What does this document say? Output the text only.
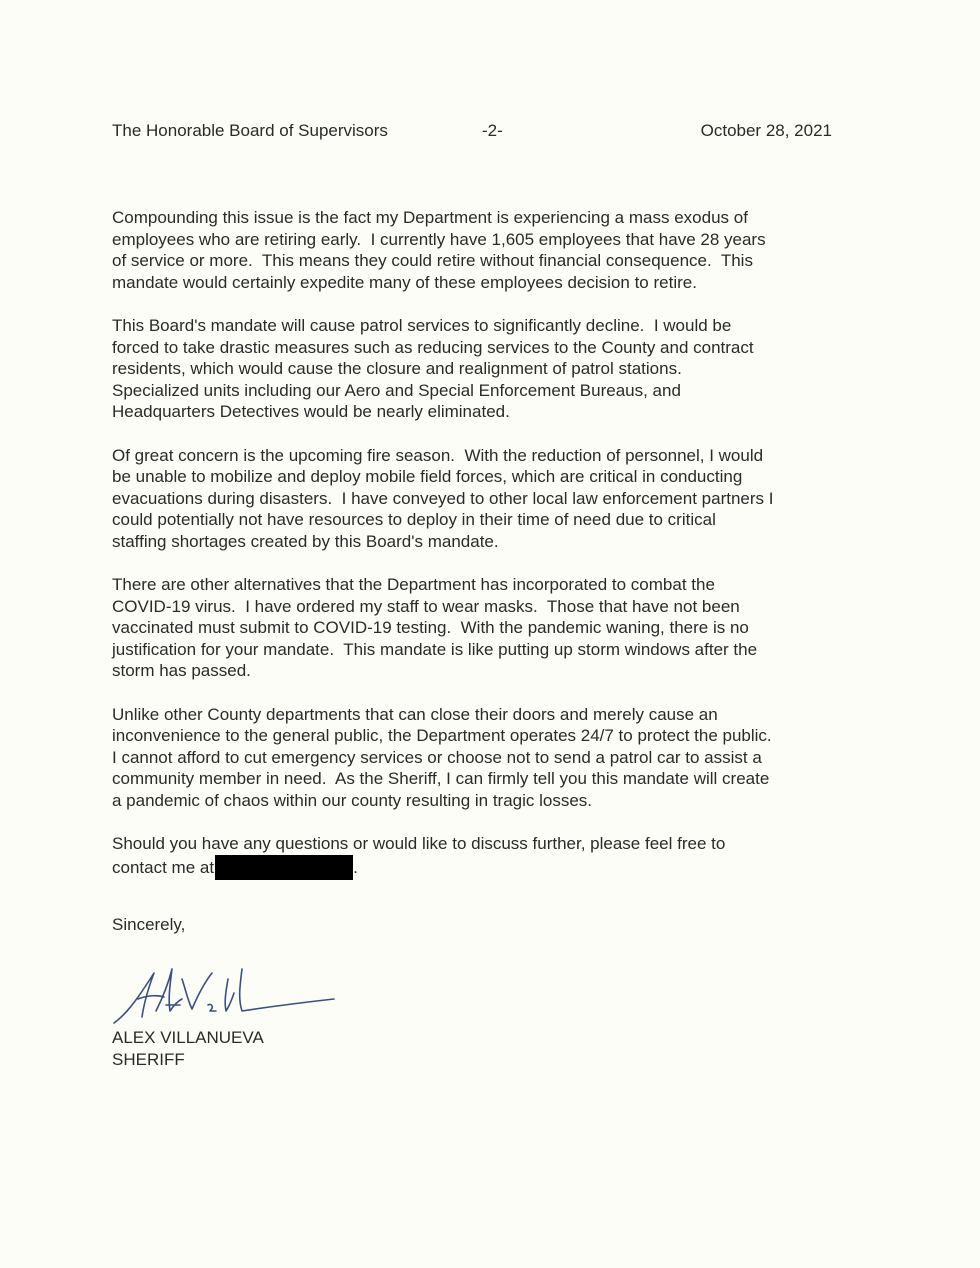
The Honorable Board of Supervisors	-2-	October 28, 2021

Compounding this issue is the fact my Department is experiencing a mass exodus of
employees who are retiring early.  I currently have 1,605 employees that have 28 years
of service or more.  This means they could retire without financial consequence.  This
mandate would certainly expedite many of these employees decision to retire.

This Board's mandate will cause patrol services to significantly decline.  I would be
forced to take drastic measures such as reducing services to the County and contract
residents, which would cause the closure and realignment of patrol stations.
Specialized units including our Aero and Special Enforcement Bureaus, and
Headquarters Detectives would be nearly eliminated.

Of great concern is the upcoming fire season.  With the reduction of personnel, I would
be unable to mobilize and deploy mobile field forces, which are critical in conducting
evacuations during disasters.  I have conveyed to other local law enforcement partners I
could potentially not have resources to deploy in their time of need due to critical
staffing shortages created by this Board's mandate.

There are other alternatives that the Department has incorporated to combat the
COVID-19 virus.  I have ordered my staff to wear masks.  Those that have not been
vaccinated must submit to COVID-19 testing.  With the pandemic waning, there is no
justification for your mandate.  This mandate is like putting up storm windows after the
storm has passed.

Unlike other County departments that can close their doors and merely cause an
inconvenience to the general public, the Department operates 24/7 to protect the public.
I cannot afford to cut emergency services or choose not to send a patrol car to assist a
community member in need.  As the Sheriff, I can firmly tell you this mandate will create
a pandemic of chaos within our county resulting in tragic losses.

Should you have any questions or would like to discuss further, please feel free to
contact me at	.

Sincerely,
ALEX VILLANUEVA
SHERIFF
